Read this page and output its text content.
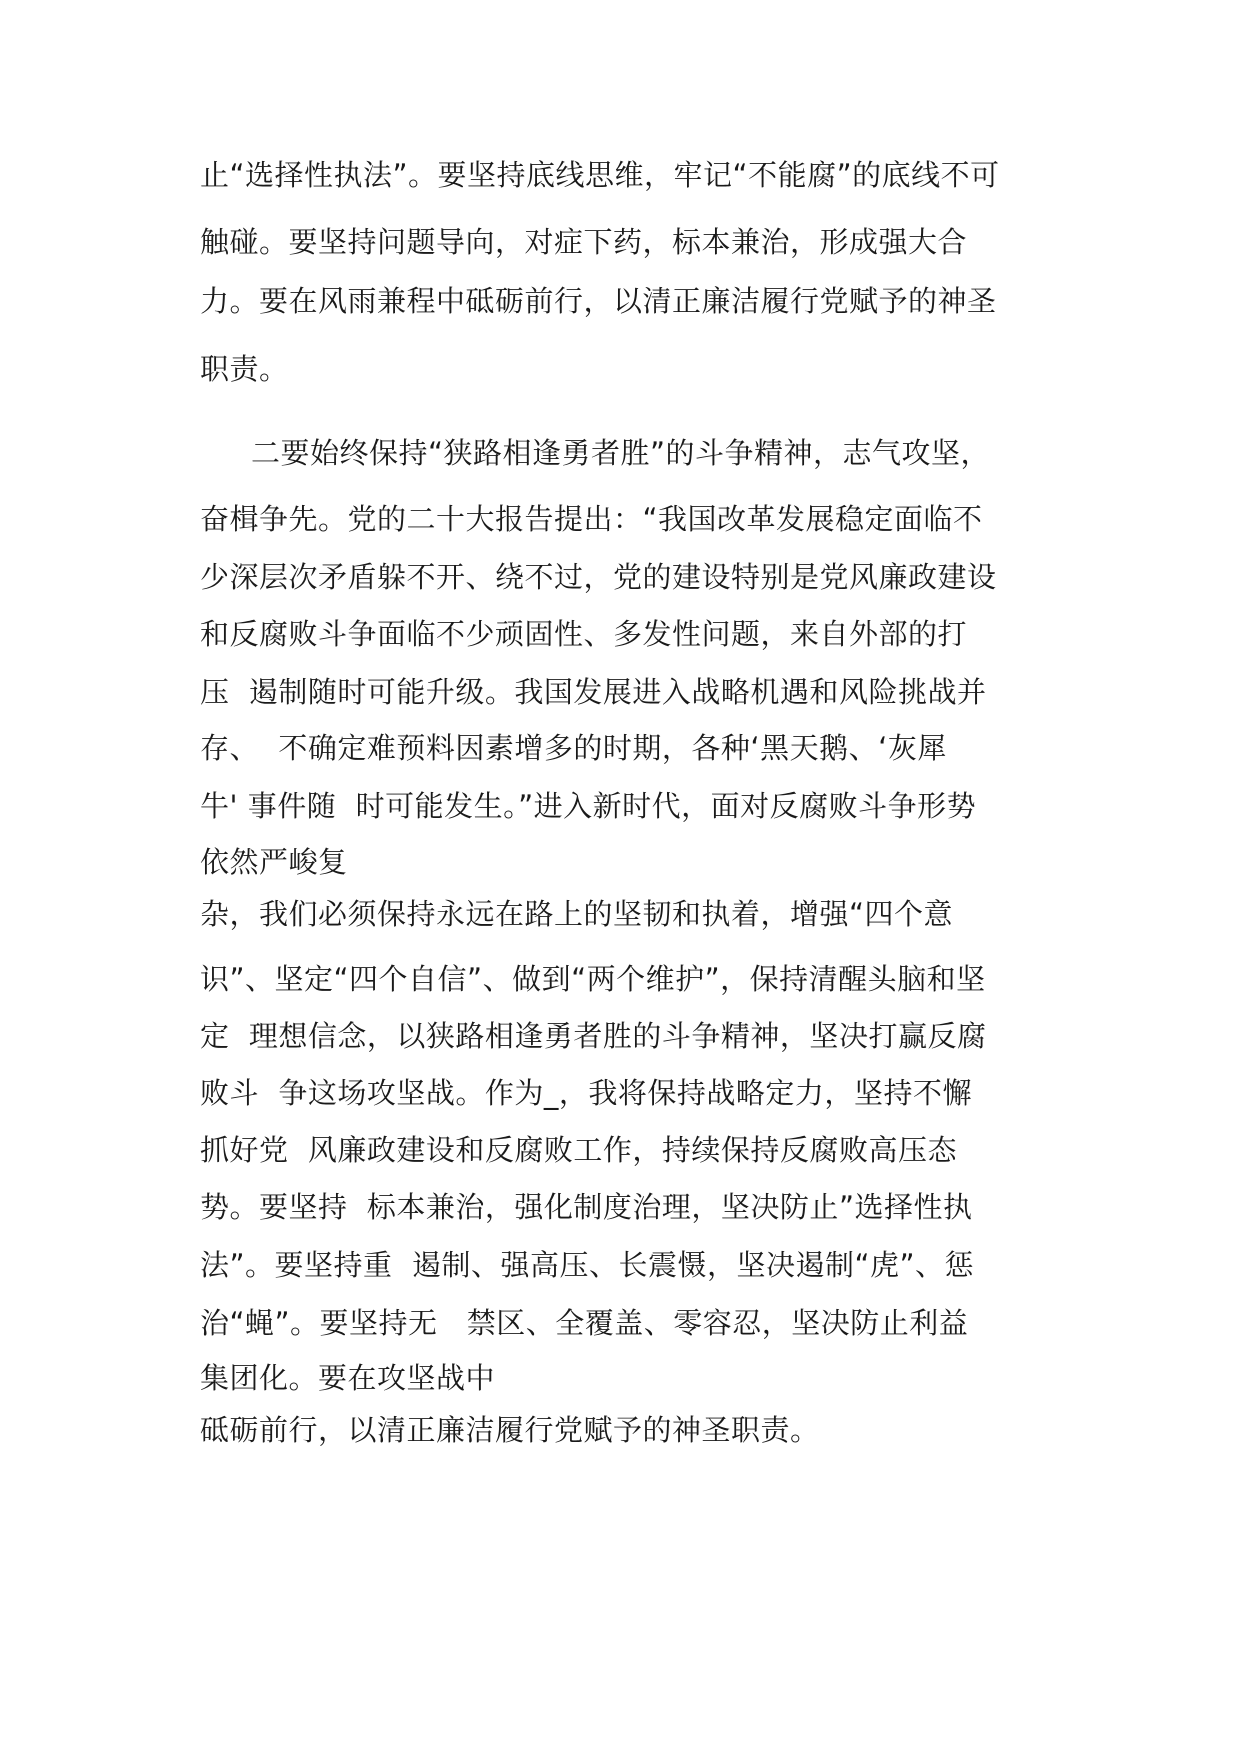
止“选择性执法”。要坚持底线思维，牢记“不能腐”的底线不可
触碰。要坚持问题导向，对症下药，标本兼治，形成强大合
力。要在风雨兼程中砥砺前行，以清正廉洁履行党赋予的神圣
职责。
二要始终保持“狭路相逢勇者胜”的斗争精神，志气攻坚，
奋楫争先。党的二十大报告提出：“我国改革发展稳定面临不
少深层次矛盾躲不开、绕不过，党的建设特别是党风廉政建设
和反腐败斗争面临不少顽固性、多发性问题，来自外部的打
压  遏制随时可能升级。我国发展进入战略机遇和风险挑战并
存、  不确定难预料因素增多的时期，各种‘黑天鹅、‘灰犀
牛' 事件随  时可能发生。”进入新时代，面对反腐败斗争形势
依然严峻复
杂，我们必须保持永远在路上的坚韧和执着，增强“四个意
识”、坚定“四个自信”、做到“两个维护”，保持清醒头脑和坚
定  理想信念，以狭路相逢勇者胜的斗争精神，坚决打赢反腐
败斗  争这场攻坚战。作为_，我将保持战略定力，坚持不懈
抓好党  风廉政建设和反腐败工作，持续保持反腐败高压态
势。要坚持  标本兼治，强化制度治理，坚决防止”选择性执
法”。要坚持重  遏制、强高压、长震慑，坚决遏制“虎”、惩
治“蝇”。要坚持无   禁区、全覆盖、零容忍，坚决防止利益
集团化。要在攻坚战中
砥砺前行，以清正廉洁履行党赋予的神圣职责。
